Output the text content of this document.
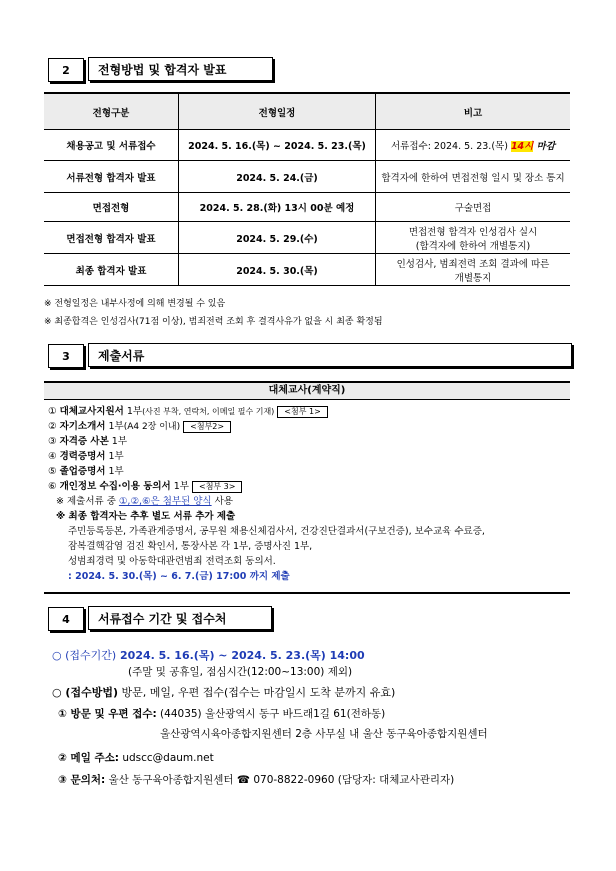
2	전형방법 및 합격자 발표
전형구분	전형일정	비고
채용공고 및 서류접수	2024. 5. 16.(목) ~ 2024. 5. 23.(목)	서류접수: 2024. 5. 23.(목) 14시 마감
서류전형 합격자 발표	2024. 5. 24.(금)	합격자에 한하여 면접전형 일시 및 장소 통지
면접전형	2024. 5. 28.(화) 13시 00분 예정	구술면접
면접전형 합격자 발표	2024. 5. 29.(수)	면접전형 합격자 인성검사 실시
(합격자에 한하여 개별통지)

최종 합격자 발표	2024. 5. 30.(목)	인성검사, 범죄전력 조회 결과에 따른
개별통지
※ 전형일정은 내부사정에 의해 변경될 수 있음
※ 최종합격은 인성검사(71점 이상), 범죄전력 조회 후 결격사유가 없을 시 최종 확정됨
3	제출서류
대체교사(계약직)
① 대체교사지원서 1부(사진 부착, 연락처, 이메일 필수 기재) <첨부 1>
② 자기소개서 1부(A4 2장 이내) <첨부2>
③ 자격증 사본 1부
④ 경력증명서 1부
⑤ 졸업증명서 1부
⑥ 개인정보 수집·이용 동의서 1부 <첨부 3>
※ 제출서류 중 ①,②,⑥은 첨부된 양식 사용
※ 최종 합격자는 추후 별도 서류 추가 제출
주민등록등본, 가족관계증명서, 공무원 채용신체검사서, 건강진단결과서(구보건증), 보수교육 수료증,
잠복결핵감염 검진 확인서, 통장사본 각 1부, 증명사진 1부,
성범죄경력 및 아동학대관련범죄 전력조회 동의서.
: 2024. 5. 30.(목) ~ 6. 7.(금) 17:00 까지 제출
4	서류접수 기간 및 접수처
○ (접수기간) 2024. 5. 16.(목) ~ 2024. 5. 23.(목) 14:00
(주말 및 공휴일, 점심시간(12:00~13:00) 제외)
○ (접수방법) 방문, 메일, 우편 접수(접수는 마감일시 도착 분까지 유효)
① 방문 및 우편 접수: (44035) 울산광역시 동구 바드래1길 61(전하동)
울산광역시육아종합지원센터 2층 사무실 내 울산 동구육아종합지원센터
② 메일 주소: udscc@daum.net
③ 문의처: 울산 동구육아종합지원센터 ☎ 070-8822-0960 (담당자: 대체교사관리자)
